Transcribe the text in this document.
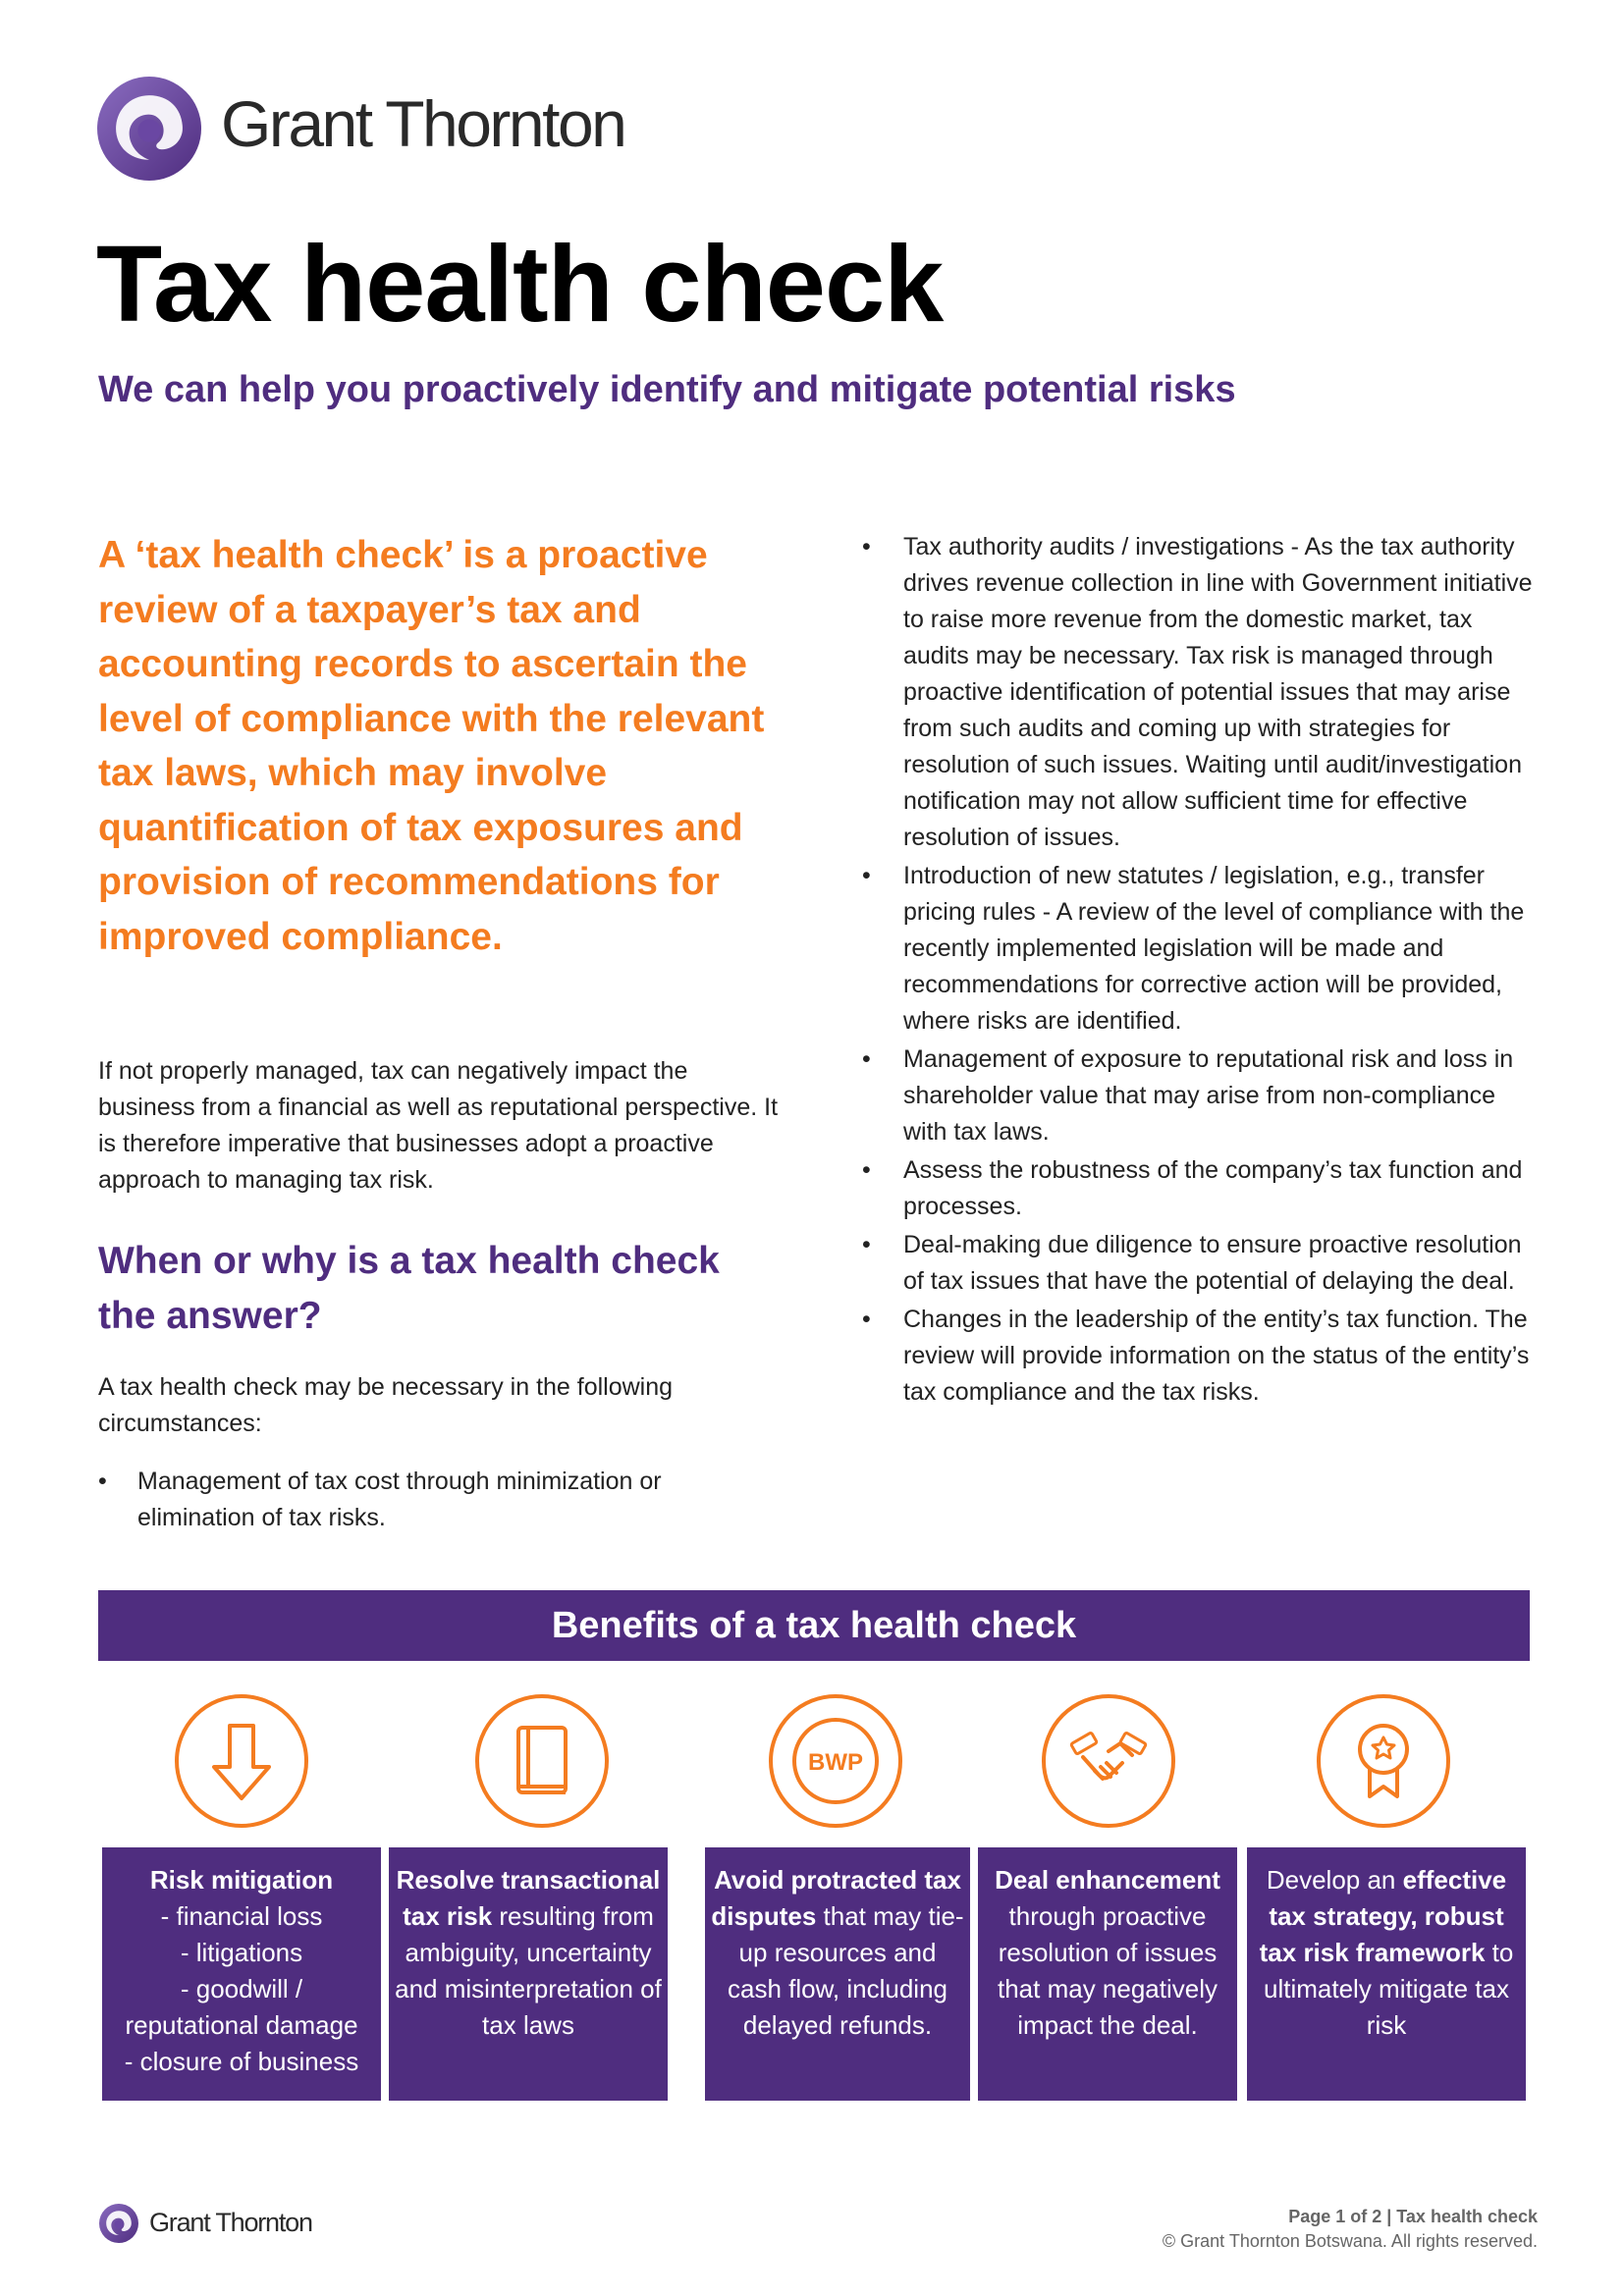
Grant Thornton
Tax health check
We can help you proactively identify and mitigate potential risks
A ‘tax health check’ is a proactive review of a taxpayer’s tax and accounting records to ascertain the level of compliance with the relevant tax laws, which may involve quantification of tax exposures and provision of recommendations for improved compliance.
If not properly managed, tax can negatively impact the business from a financial as well as reputational perspective. It is therefore imperative that businesses adopt a proactive approach to managing tax risk.
When or why is a tax health check the answer?
A tax health check may be necessary in the following circumstances:
• Management of tax cost through minimization or elimination of tax risks.
• Tax authority audits / investigations - As the tax authority drives revenue collection in line with Government initiative to raise more revenue from the domestic market, tax audits may be necessary. Tax risk is managed through proactive identification of potential issues that may arise from such audits and coming up with strategies for resolution of such issues. Waiting until audit/investigation notification may not allow sufficient time for effective resolution of issues.
• Introduction of new statutes / legislation, e.g., transfer pricing rules - A review of the level of compliance with the recently implemented legislation will be made and recommendations for corrective action will be provided, where risks are identified.
• Management of exposure to reputational risk and loss in shareholder value that may arise from non-compliance with tax laws.
• Assess the robustness of the company’s tax function and processes.
• Deal-making due diligence to ensure proactive resolution of tax issues that have the potential of delaying the deal.
• Changes in the leadership of the entity’s tax function. The review will provide information on the status of the entity’s tax compliance and the tax risks.
Benefits of a tax health check
BWP
Risk mitigation
- financial loss
- litigations
- goodwill /
reputational damage
- closure of business
Resolve transactional tax risk resulting from ambiguity, uncertainty and misinterpretation of tax laws
Avoid protracted tax disputes that may tie-up resources and cash flow, including delayed refunds.
Deal enhancement through proactive resolution of issues that may negatively impact the deal.
Develop an effective tax strategy, robust tax risk framework to ultimately mitigate tax risk
Grant Thornton	Page 1 of 2 | Tax health check
© Grant Thornton Botswana. All rights reserved.
